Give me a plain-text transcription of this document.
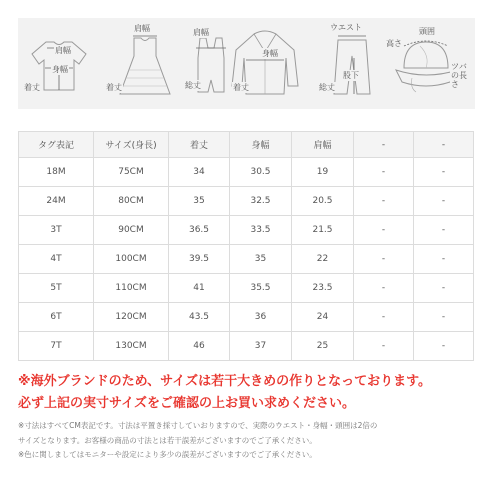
肩幅
身幅
着丈
肩幅
着丈
肩幅
総丈
身幅
着丈
ウエスト
股下
総丈
高さ
頭囲
ツバの長さ
タグ表記	サイズ(身長)	着丈	身幅	肩幅	-	-
18M	75CM	34	30.5	19	-	-
24M	80CM	35	32.5	20.5	-	-
3T	90CM	36.5	33.5	21.5	-	-
4T	100CM	39.5	35	22	-	-
5T	110CM	41	35.5	23.5	-	-
6T	120CM	43.5	36	24	-	-
7T	130CM	46	37	25	-	-
※海外ブランドのため、サイズは若干大きめの作りとなっております。
必ず上記の実寸サイズをご確認の上お買い求めください。
※寸法はすべてCM表記です。寸法は平置き採寸していおりますので、実際のウエスト・身幅・頭囲は2倍の
サイズとなります。お客様の商品の寸法とは若干誤差がございますのでご了承ください。
※色に関しましてはモニターや設定により多少の誤差がございますのでご了承ください。
